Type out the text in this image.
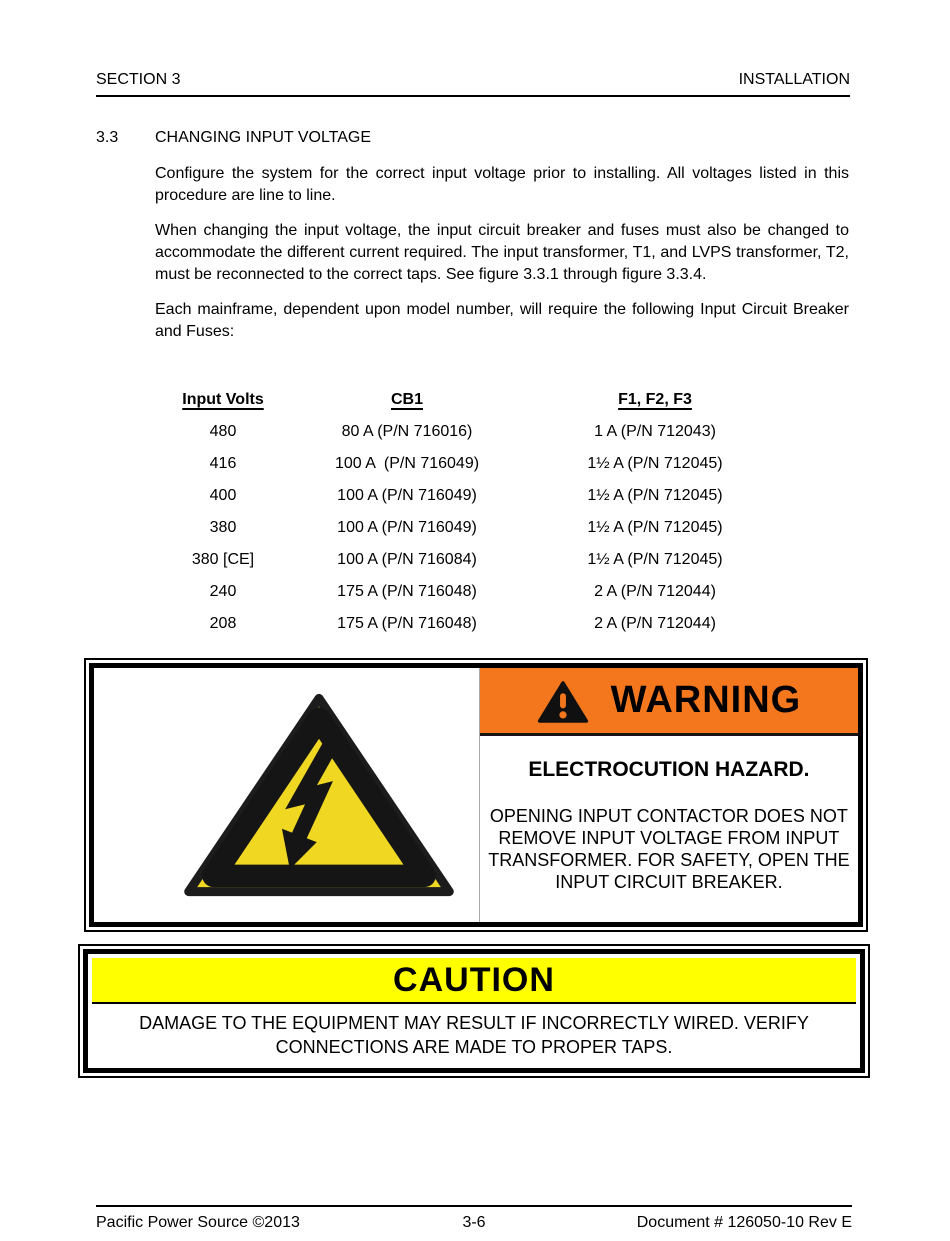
SECTION 3	INSTALLATION
3.3 CHANGING INPUT VOLTAGE

Configure the system for the correct input voltage prior to installing. All voltages listed in this procedure are line to line.

When changing the input voltage, the input circuit breaker and fuses must also be changed to accommodate the different current required. The input transformer, T1, and LVPS transformer, T2, must be reconnected to the correct taps. See figure 3.3.1 through figure 3.3.4.

Each mainframe, dependent upon model number, will require the following Input Circuit Breaker and Fuses:

Input Volts	CB1	F1, F2, F3
480	80 A (P/N 716016)	1 A (P/N 712043)
416	100 A  (P/N 716049)	1½ A (P/N 712045)
400	100 A (P/N 716049)	1½ A (P/N 712045)
380	100 A (P/N 716049)	1½ A (P/N 712045)
380 [CE]	100 A (P/N 716084)	1½ A (P/N 712045)
240	175 A (P/N 716048)	2 A (P/N 712044)
208	175 A (P/N 716048)	2 A (P/N 712044)
WARNING
ELECTROCUTION HAZARD.
OPENING INPUT CONTACTOR DOES NOT REMOVE INPUT VOLTAGE FROM INPUT TRANSFORMER. FOR SAFETY, OPEN THE INPUT CIRCUIT BREAKER.
CAUTION
DAMAGE TO THE EQUIPMENT MAY RESULT IF INCORRECTLY WIRED. VERIFY CONNECTIONS ARE MADE TO PROPER TAPS.
Pacific Power Source ©2013	3-6	Document # 126050-10 Rev E
